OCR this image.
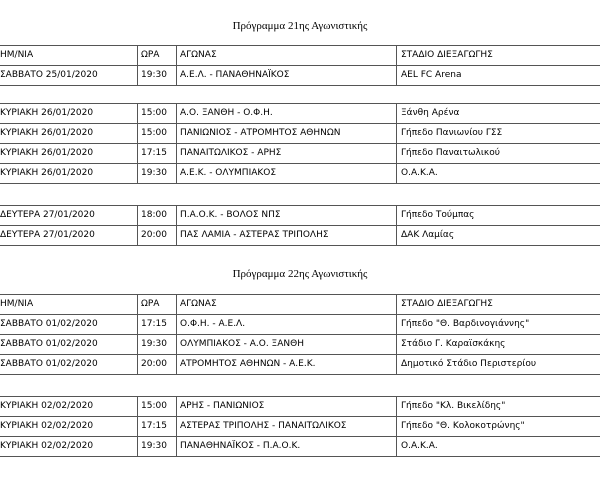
Πρόγραμμα 21ης Αγωνιστικής
ΗΜ/ΝΙΑ	ΩΡΑ	ΑΓΩΝΑΣ	ΣΤΑΔΙΟ ΔΙΕΞΑΓΩΓΗΣ
ΣΑΒΒΑΤΟ 25/01/2020	19:30	Α.Ε.Λ. - ΠΑΝΑΘΗΝΑΪΚΟΣ	AEL FC Arena
ΚΥΡΙΑΚΗ 26/01/2020	15:00	Α.Ο. ΞΑΝΘΗ - Ο.Φ.Η.	Ξάνθη Αρένα
ΚΥΡΙΑΚΗ 26/01/2020	15:00	ΠΑΝΙΩΝΙΟΣ - ΑΤΡΟΜΗΤΟΣ ΑΘΗΝΩΝ	Γήπεδο Πανιωνίου ΓΣΣ
ΚΥΡΙΑΚΗ 26/01/2020	17:15	ΠΑΝΑΙΤΩΛΙΚΟΣ - ΑΡΗΣ	Γήπεδο Παναιτωλικού
ΚΥΡΙΑΚΗ 26/01/2020	19:30	Α.Ε.Κ. - ΟΛΥΜΠΙΑΚΟΣ	Ο.Α.Κ.Α.
ΔΕΥΤΕΡΑ 27/01/2020	18:00	Π.Α.Ο.Κ. - ΒΟΛΟΣ ΝΠΣ	Γήπεδο Τούμπας
ΔΕΥΤΕΡΑ 27/01/2020	20:00	ΠΑΣ ΛΑΜΙΑ - ΑΣΤΕΡΑΣ ΤΡΙΠΟΛΗΣ	ΔΑΚ Λαμίας
Πρόγραμμα 22ης Αγωνιστικής
ΗΜ/ΝΙΑ	ΩΡΑ	ΑΓΩΝΑΣ	ΣΤΑΔΙΟ ΔΙΕΞΑΓΩΓΗΣ
ΣΑΒΒΑΤΟ 01/02/2020	17:15	Ο.Φ.Η. - Α.Ε.Λ.	Γήπεδο "Θ. Βαρδινογιάννης"
ΣΑΒΒΑΤΟ 01/02/2020	19:30	ΟΛΥΜΠΙΑΚΟΣ - Α.Ο. ΞΑΝΘΗ	Στάδιο Γ. Καραϊσκάκης
ΣΑΒΒΑΤΟ 01/02/2020	20:00	ΑΤΡΟΜΗΤΟΣ ΑΘΗΝΩΝ - Α.Ε.Κ.	Δημοτικό Στάδιο Περιστερίου
ΚΥΡΙΑΚΗ 02/02/2020	15:00	ΑΡΗΣ - ΠΑΝΙΩΝΙΟΣ	Γήπεδο "Κλ. Βικελίδης"
ΚΥΡΙΑΚΗ 02/02/2020	17:15	ΑΣΤΕΡΑΣ ΤΡΙΠΟΛΗΣ - ΠΑΝΑΙΤΩΛΙΚΟΣ	Γήπεδο "Θ. Κολοκοτρώνης"
ΚΥΡΙΑΚΗ 02/02/2020	19:30	ΠΑΝΑΘΗΝΑΪΚΟΣ - Π.Α.Ο.Κ.	Ο.Α.Κ.Α.
